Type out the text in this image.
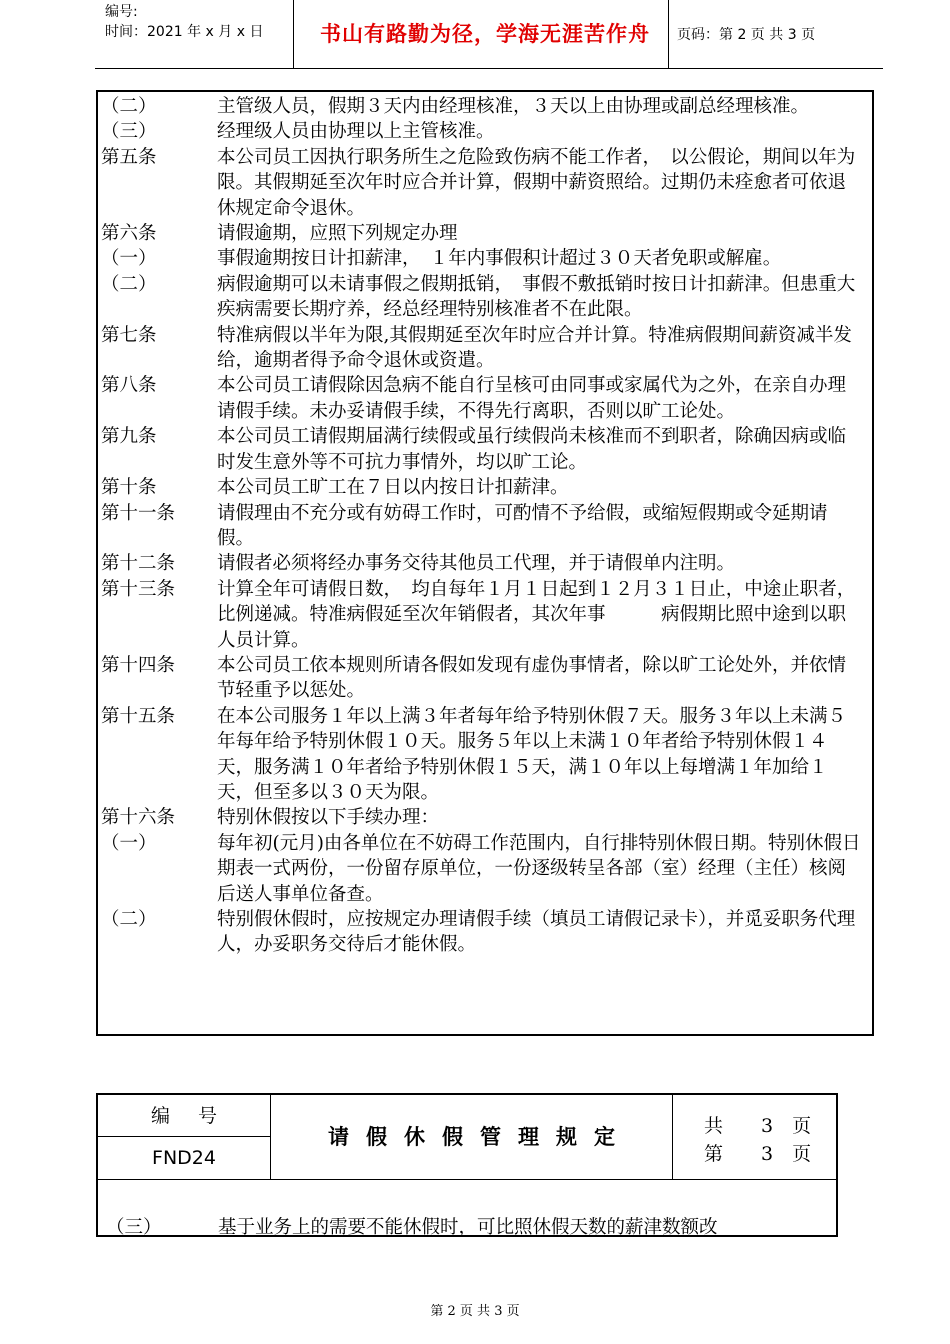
编号:
时间：2021 年 x 月 x 日	书山有路勤为径，学海无涯苦作舟	页码：第 2 页 共 3 页
（二）	主管级人员，假期３天内由经理核准，３天以上由协理或副总经理核准。
（三）	经理级人员由协理以上主管核准。
第五条	本公司员工因执行职务所生之危险致伤病不能工作者，　以公假论，期间以年为限。其假期延至次年时应合并计算，假期中薪资照给。过期仍未痊愈者可依退休规定命令退休。
第六条	请假逾期，应照下列规定办理
（一）	事假逾期按日计扣薪津，　１年内事假积计超过３０天者免职或解雇。
（二）	病假逾期可以未请事假之假期抵销，　事假不敷抵销时按日计扣薪津。但患重大疾病需要长期疗养，经总经理特别核准者不在此限。
第七条	特准病假以半年为限,其假期延至次年时应合并计算。特准病假期间薪资减半发给，逾期者得予命令退休或资遣。
第八条	本公司员工请假除因急病不能自行呈核可由同事或家属代为之外，在亲自办理请假手续。未办妥请假手续，不得先行离职，否则以旷工论处。
第九条	本公司员工请假期届满行续假或虽行续假尚未核准而不到职者，除确因病或临时发生意外等不可抗力事情外，均以旷工论。
第十条	本公司员工旷工在７日以内按日计扣薪津。
第十一条	请假理由不充分或有妨碍工作时，可酌情不予给假，或缩短假期或令延期请假。
第十二条	请假者必须将经办事务交待其他员工代理，并于请假单内注明。
第十三条	计算全年可请假日数，　均自每年１月１日起到１２月３１日止，中途止职者，比例递减。特准病假延至次年销假者，其次年事　　　病假期比照中途到以职人员计算。
第十四条	本公司员工依本规则所请各假如发现有虚伪事情者，除以旷工论处外，并依情节轻重予以惩处。
第十五条	在本公司服务１年以上满３年者每年给予特别休假７天。服务３年以上未满５年每年给予特别休假１０天。服务５年以上未满１０年者给予特别休假１４天，服务满１０年者给予特别休假１５天，满１０年以上每增满１年加给１天，但至多以３０天为限。
第十六条	特别休假按以下手续办理：
（一）	每年初(元月)由各单位在不妨碍工作范围内，自行排特别休假日期。特别休假日期表一式两份，一份留存原单位，一份逐级转呈各部（室）经理（主任）核阅后送人事单位备查。
（二）	特别假休假时，应按规定办理请假手续（填员工请假记录卡），并觅妥职务代理人，办妥职务交待后才能休假。
编号
FND24
请假休假管理规定	共　　3　页
第　　3　页
（三）	基于业务上的需要不能休假时，可比照休假天数的薪津数额改
第 2 页 共 3 页
